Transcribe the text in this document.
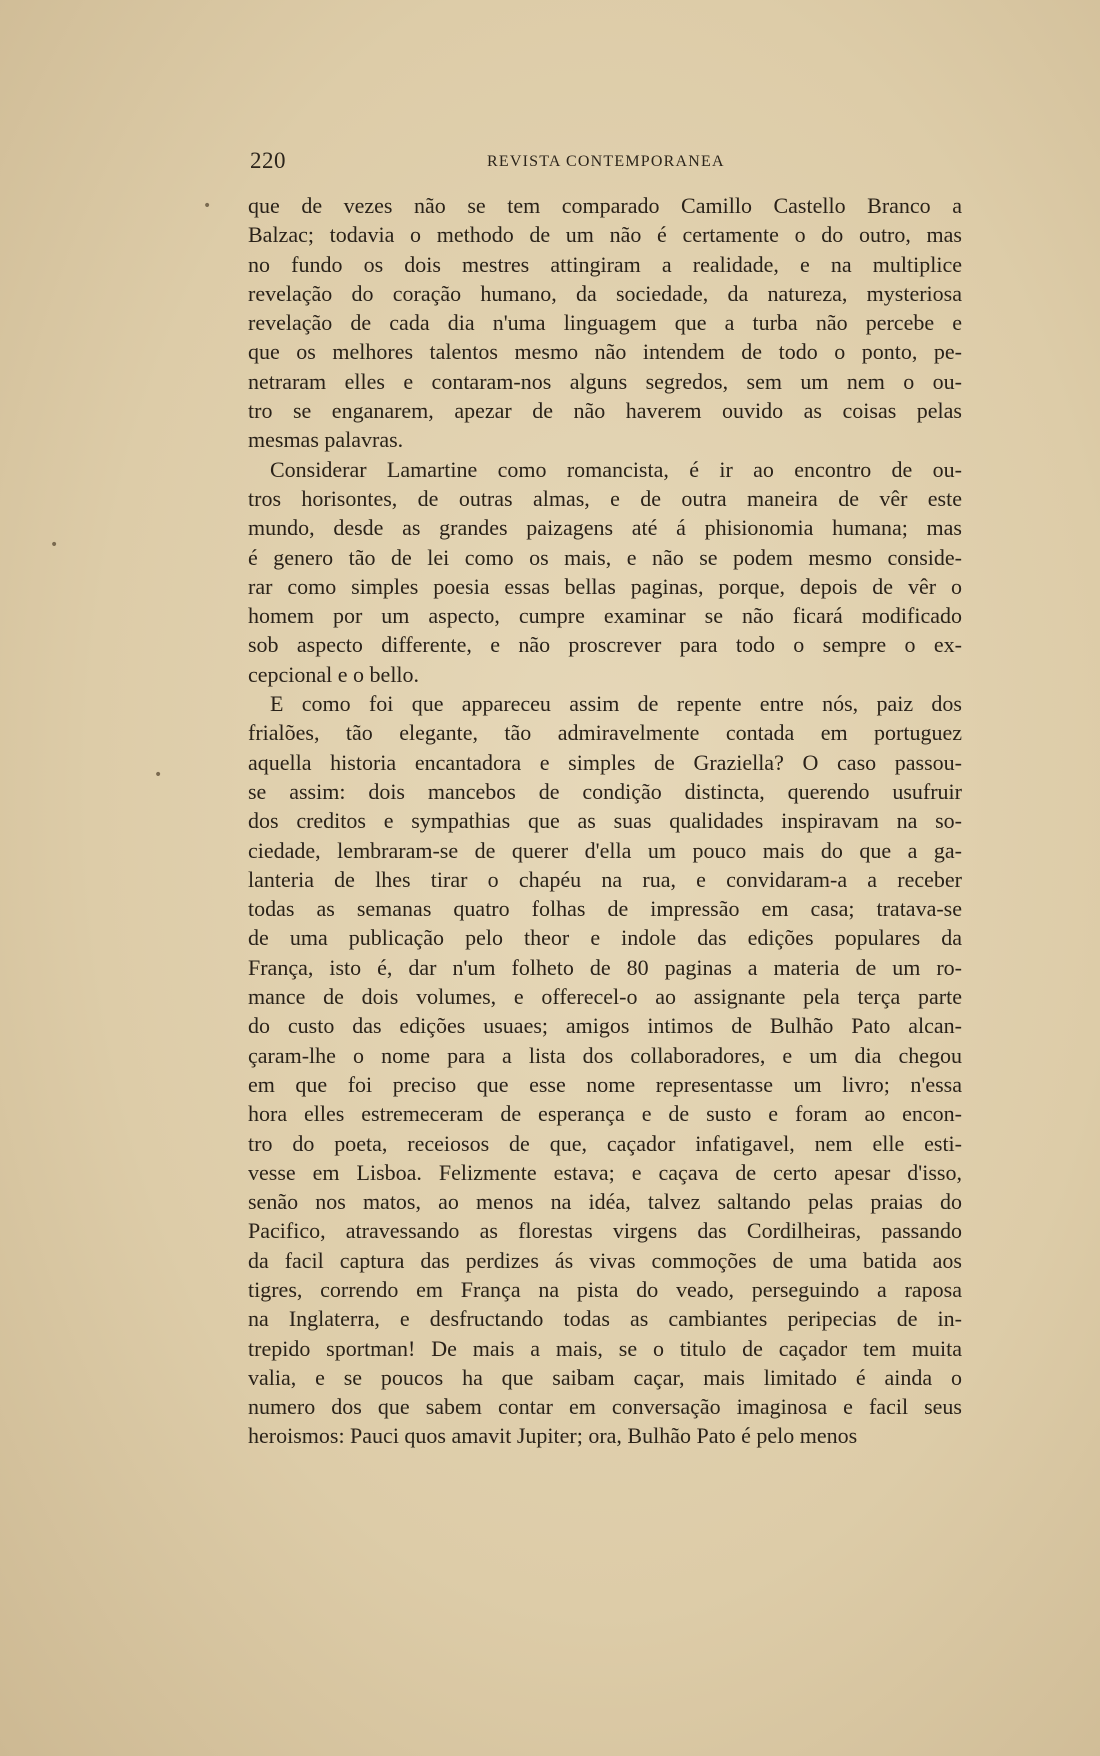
220	REVISTA CONTEMPORANEA
que de vezes não se tem comparado Camillo Castello Branco a
Balzac; todavia o methodo de um não é certamente o do outro, mas
no fundo os dois mestres attingiram a realidade, e na multiplice
revelação do coração humano, da sociedade, da natureza, mysteriosa
revelação de cada dia n'uma linguagem que a turba não percebe e
que os melhores talentos mesmo não intendem de todo o ponto, pe-
netraram elles e contaram-nos alguns segredos, sem um nem o ou-
tro se enganarem, apezar de não haverem ouvido as coisas pelas
mesmas palavras.
Considerar Lamartine como romancista, é ir ao encontro de ou-
tros horisontes, de outras almas, e de outra maneira de vêr este
mundo, desde as grandes paizagens até á phisionomia humana; mas
é genero tão de lei como os mais, e não se podem mesmo conside-
rar como simples poesia essas bellas paginas, porque, depois de vêr o
homem por um aspecto, cumpre examinar se não ficará modificado
sob aspecto differente, e não proscrever para todo o sempre o ex-
cepcional e o bello.
E como foi que appareceu assim de repente entre nós, paiz dos
frialões, tão elegante, tão admiravelmente contada em portuguez
aquella historia encantadora e simples de Graziella? O caso passou-
se assim: dois mancebos de condição distincta, querendo usufruir
dos creditos e sympathias que as suas qualidades inspiravam na so-
ciedade, lembraram-se de querer d'ella um pouco mais do que a ga-
lanteria de lhes tirar o chapéu na rua, e convidaram-a a receber
todas as semanas quatro folhas de impressão em casa; tratava-se
de uma publicação pelo theor e indole das edições populares da
França, isto é, dar n'um folheto de 80 paginas a materia de um ro-
mance de dois volumes, e offerecel-o ao assignante pela terça parte
do custo das edições usuaes; amigos intimos de Bulhão Pato alcan-
çaram-lhe o nome para a lista dos collaboradores, e um dia chegou
em que foi preciso que esse nome representasse um livro; n'essa
hora elles estremeceram de esperança e de susto e foram ao encon-
tro do poeta, receiosos de que, caçador infatigavel, nem elle esti-
vesse em Lisboa. Felizmente estava; e caçava de certo apesar d'isso,
senão nos matos, ao menos na idéa, talvez saltando pelas praias do
Pacifico, atravessando as florestas virgens das Cordilheiras, passando
da facil captura das perdizes ás vivas commoções de uma batida aos
tigres, correndo em França na pista do veado, perseguindo a raposa
na Inglaterra, e desfructando todas as cambiantes peripecias de in-
trepido sportman! De mais a mais, se o titulo de caçador tem muita
valia, e se poucos ha que saibam caçar, mais limitado é ainda o
numero dos que sabem contar em conversação imaginosa e facil seus
heroismos: Pauci quos amavit Jupiter; ora, Bulhão Pato é pelo menos
•
•
•
